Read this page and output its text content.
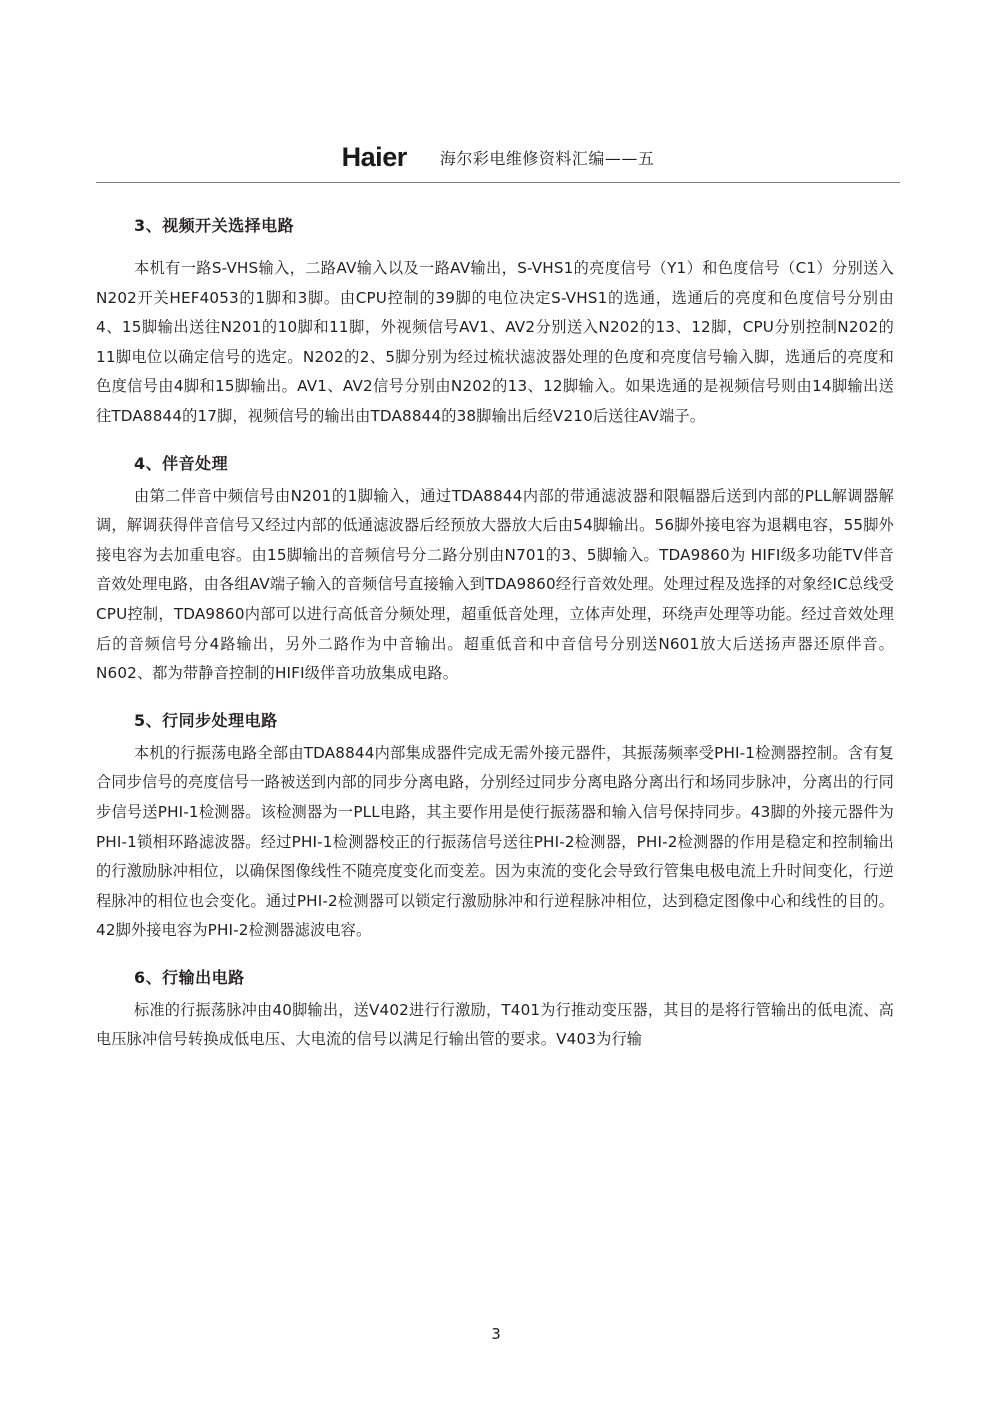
Haier 海尔彩电维修资料汇编——五
3、视频开关选择电路

本机有一路S-VHS输入，二路AV输入以及一路AV输出，S-VHS1的亮度信号（Y1）和色度信号（C1）分别送入N202开关HEF4053的1脚和3脚。由CPU控制的39脚的电位决定S-VHS1的选通，选通后的亮度和色度信号分别由4、15脚输出送往N201的10脚和11脚，外视频信号AV1、AV2分别送入N202的13、12脚，CPU分别控制N202的11脚电位以确定信号的选定。N202的2、5脚分别为经过梳状滤波器处理的色度和亮度信号输入脚，选通后的亮度和色度信号由4脚和15脚输出。AV1、AV2信号分别由N202的13、12脚输入。如果选通的是视频信号则由14脚输出送往TDA8844的17脚，视频信号的输出由TDA8844的38脚输出后经V210后送往AV端子。

4、伴音处理

由第二伴音中频信号由N201的1脚输入，通过TDA8844内部的带通滤波器和限幅器后送到内部的PLL解调器解调，解调获得伴音信号又经过内部的低通滤波器后经预放大器放大后由54脚输出。56脚外接电容为退耦电容，55脚外接电容为去加重电容。由15脚输出的音频信号分二路分别由N701的3、5脚输入。TDA9860为 HIFI级多功能TV伴音音效处理电路，由各组AV端子输入的音频信号直接输入到TDA9860经行音效处理。处理过程及选择的对象经IC总线受CPU控制，TDA9860内部可以进行高低音分频处理，超重低音处理，立体声处理，环绕声处理等功能。经过音效处理后的音频信号分4路输出，另外二路作为中音输出。超重低音和中音信号分别送N601放大后送扬声器还原伴音。N602、都为带静音控制的HIFI级伴音功放集成电路。

5、行同步处理电路

本机的行振荡电路全部由TDA8844内部集成器件完成无需外接元器件，其振荡频率受PHI-1检测器控制。含有复合同步信号的亮度信号一路被送到内部的同步分离电路，分别经过同步分离电路分离出行和场同步脉冲，分离出的行同步信号送PHI-1检测器。该检测器为一PLL电路，其主要作用是使行振荡器和输入信号保持同步。43脚的外接元器件为PHI-1锁相环路滤波器。经过PHI-1检测器校正的行振荡信号送往PHI-2检测器，PHI-2检测器的作用是稳定和控制输出的行激励脉冲相位，以确保图像线性不随亮度变化而变差。因为束流的变化会导致行管集电极电流上升时间变化，行逆程脉冲的相位也会变化。通过PHI-2检测器可以锁定行激励脉冲和行逆程脉冲相位，达到稳定图像中心和线性的目的。42脚外接电容为PHI-2检测器滤波电容。

6、行输出电路

标准的行振荡脉冲由40脚输出，送V402进行行激励，T401为行推动变压器，其目的是将行管输出的低电流、高电压脉冲信号转换成低电压、大电流的信号以满足行输出管的要求。V403为行输

3
